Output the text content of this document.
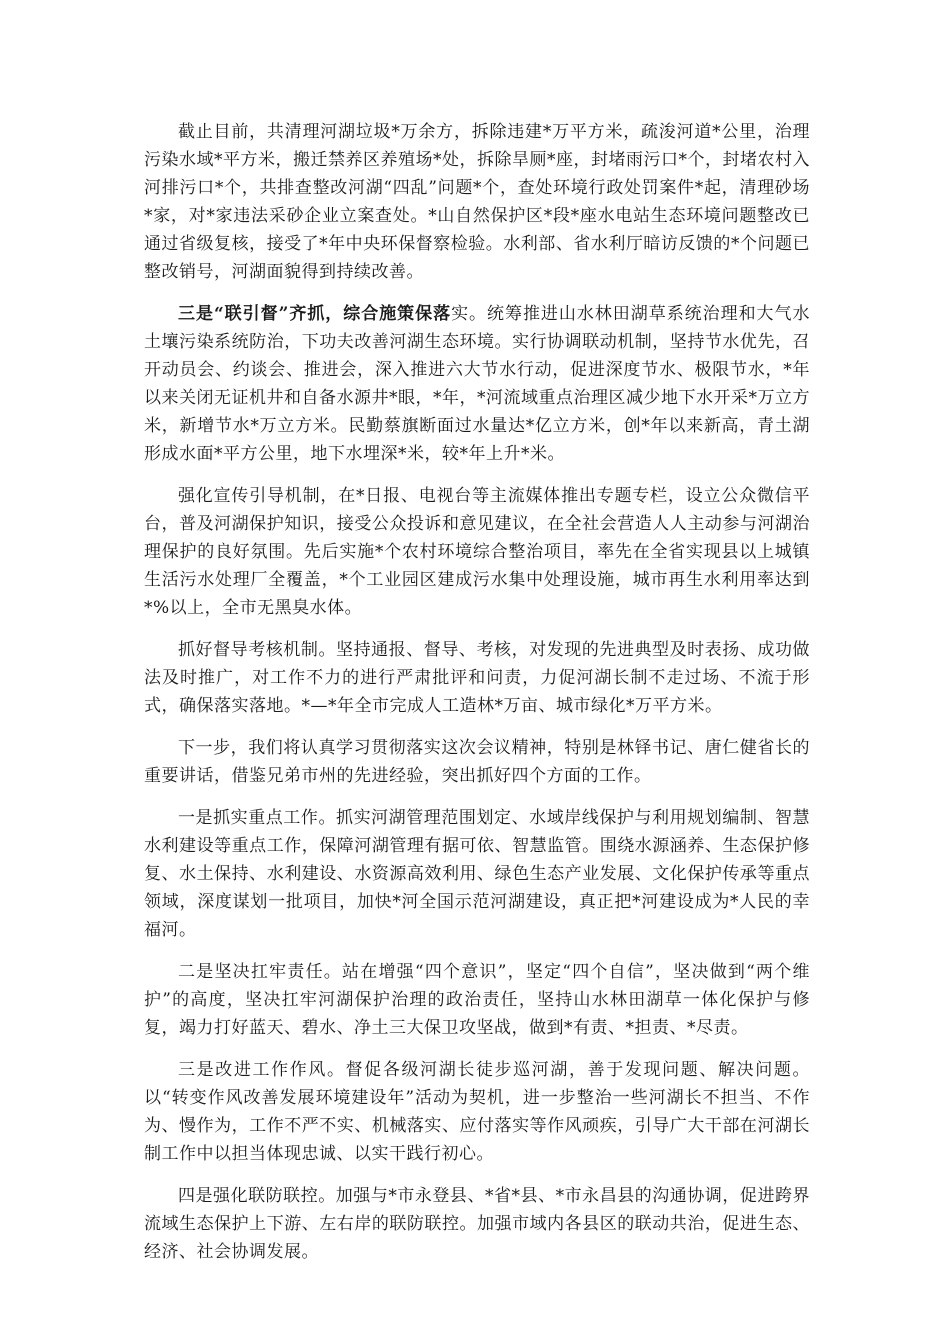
截止目前，共清理河湖垃圾*万余方，拆除违建*万平方米，疏浚河道*公里，治理污染水域*平方米，搬迁禁养区养殖场*处，拆除旱厕*座，封堵雨污口*个，封堵农村入河排污口*个，共排查整改河湖“四乱”问题*个，查处环境行政处罚案件*起，清理砂场*家，对*家违法采砂企业立案查处。*山自然保护区*段*座水电站生态环境问题整改已通过省级复核，接受了*年中央环保督察检验。水利部、省水利厅暗访反馈的*个问题已整改销号，河湖面貌得到持续改善。

三是“联引督”齐抓，综合施策保落实。统筹推进山水林田湖草系统治理和大气水土壤污染系统防治，下功夫改善河湖生态环境。实行协调联动机制，坚持节水优先，召开动员会、约谈会、推进会，深入推进六大节水行动，促进深度节水、极限节水，*年以来关闭无证机井和自备水源井*眼，*年，*河流域重点治理区减少地下水开采*万立方米，新增节水*万立方米。民勤蔡旗断面过水量达*亿立方米，创*年以来新高，青土湖形成水面*平方公里，地下水埋深*米，较*年上升*米。

强化宣传引导机制，在*日报、电视台等主流媒体推出专题专栏，设立公众微信平台，普及河湖保护知识，接受公众投诉和意见建议，在全社会营造人人主动参与河湖治理保护的良好氛围。先后实施*个农村环境综合整治项目，率先在全省实现县以上城镇生活污水处理厂全覆盖，*个工业园区建成污水集中处理设施，城市再生水利用率达到*%以上，全市无黑臭水体。

抓好督导考核机制。坚持通报、督导、考核，对发现的先进典型及时表扬、成功做法及时推广，对工作不力的进行严肃批评和问责，力促河湖长制不走过场、不流于形式，确保落实落地。*—*年全市完成人工造林*万亩、城市绿化*万平方米。

下一步，我们将认真学习贯彻落实这次会议精神，特别是林铎书记、唐仁健省长的重要讲话，借鉴兄弟市州的先进经验，突出抓好四个方面的工作。

一是抓实重点工作。抓实河湖管理范围划定、水域岸线保护与利用规划编制、智慧水利建设等重点工作，保障河湖管理有据可依、智慧监管。围绕水源涵养、生态保护修复、水土保持、水利建设、水资源高效利用、绿色生态产业发展、文化保护传承等重点领域，深度谋划一批项目，加快*河全国示范河湖建设，真正把*河建设成为*人民的幸福河。

二是坚决扛牢责任。站在增强“四个意识”，坚定“四个自信”，坚决做到“两个维护”的高度，坚决扛牢河湖保护治理的政治责任，坚持山水林田湖草一体化保护与修复，竭力打好蓝天、碧水、净土三大保卫攻坚战，做到*有责、*担责、*尽责。

三是改进工作作风。督促各级河湖长徒步巡河湖，善于发现问题、解决问题。以“转变作风改善发展环境建设年”活动为契机，进一步整治一些河湖长不担当、不作为、慢作为，工作不严不实、机械落实、应付落实等作风顽疾，引导广大干部在河湖长制工作中以担当体现忠诚、以实干践行初心。

四是强化联防联控。加强与*市永登县、*省*县、*市永昌县的沟通协调，促进跨界流域生态保护上下游、左右岸的联防联控。加强市域内各县区的联动共治，促进生态、经济、社会协调发展。
